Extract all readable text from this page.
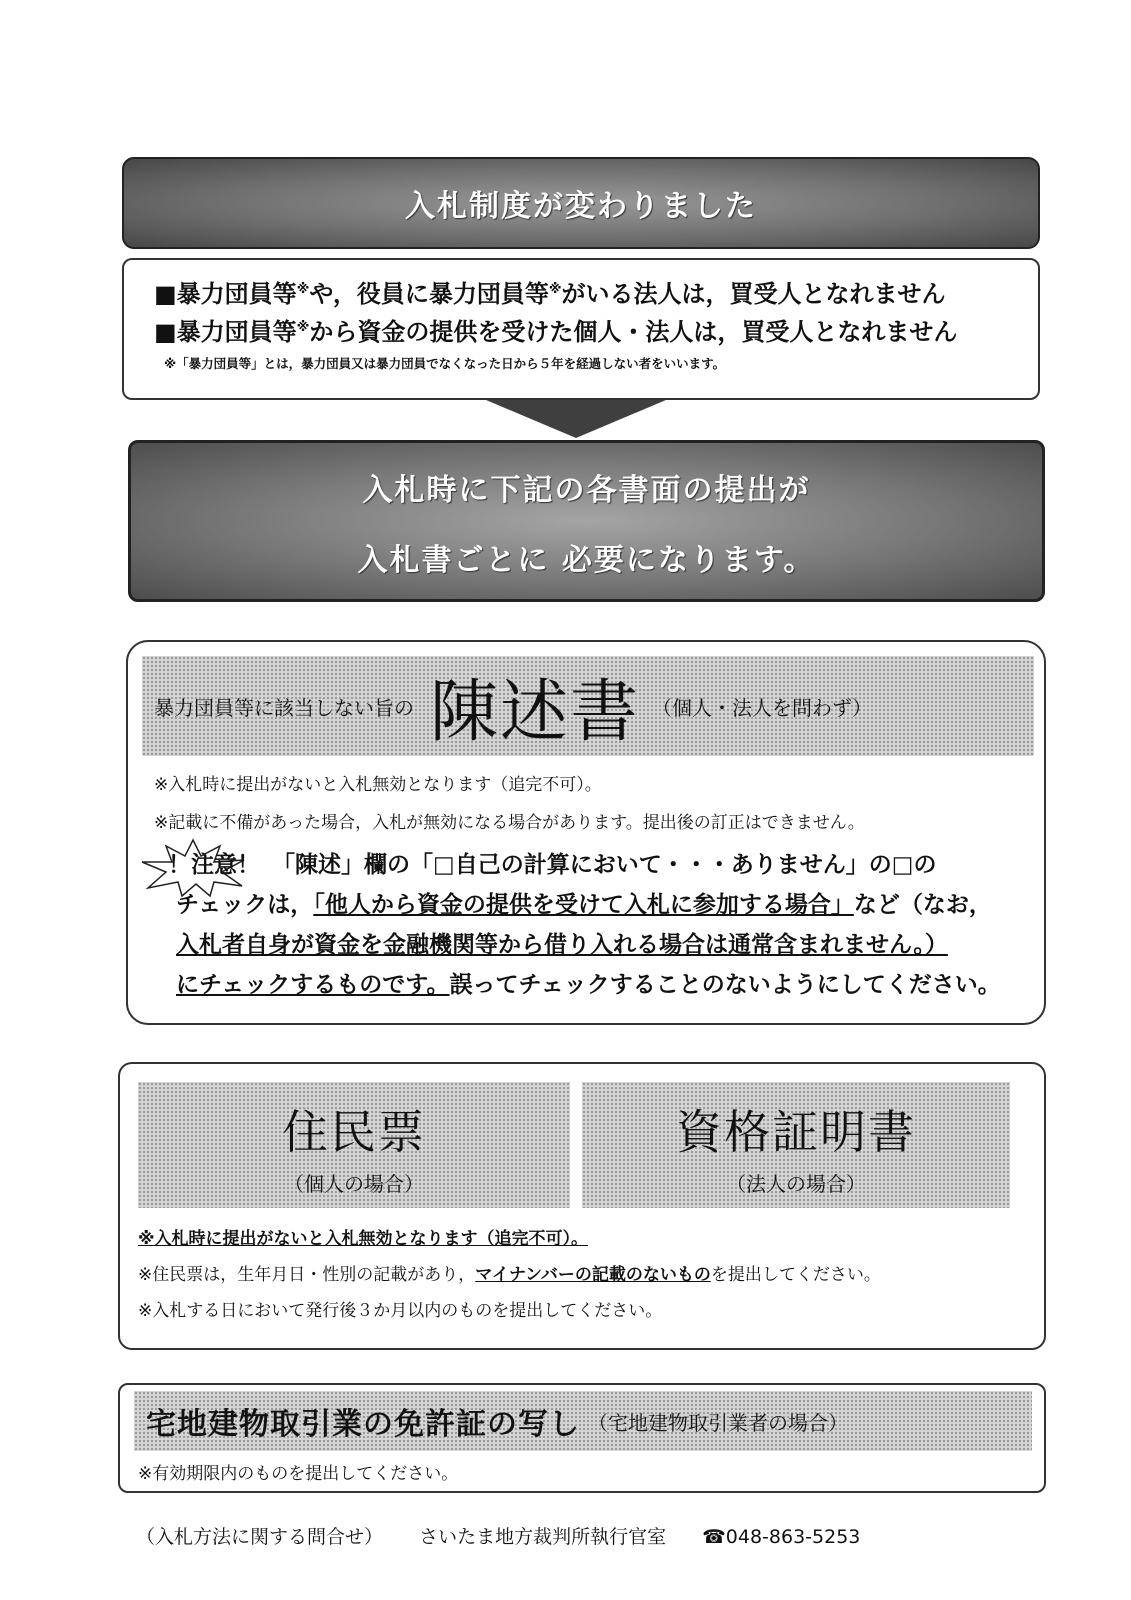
入札制度が変わりました
■暴力団員等※や，役員に暴力団員等※がいる法人は，買受人となれません
■暴力団員等※から資金の提供を受けた個人・法人は，買受人となれません
※「暴力団員等」とは，暴力団員又は暴力団員でなくなった日から５年を経過しない者をいいます。
入札時に下記の各書面の提出が
入札書ごとに 必要になります。
暴力団員等に該当しない旨の 陳述書 （個人・法人を問わず）
※入札時に提出がないと入札無効となります（追完不可）。
※記載に不備があった場合，入札が無効になる場合があります。提出後の訂正はできません。
！注意！ 「陳述」欄の「□自己の計算において・・・ありません」の□の
チェックは，「他人から資金の提供を受けて入札に参加する場合」など（なお，
入札者自身が資金を金融機関等から借り入れる場合は通常含まれません。）
にチェックするものです。誤ってチェックすることのないようにしてください。
住民票
（個人の場合）
資格証明書
（法人の場合）
※入札時に提出がないと入札無効となります（追完不可）。
※住民票は，生年月日・性別の記載があり，マイナンバーの記載のないものを提出してください。
※入札する日において発行後３か月以内のものを提出してください。
宅地建物取引業の免許証の写し （宅地建物取引業者の場合）
※有効期限内のものを提出してください。
（入札方法に関する問合せ） さいたま地方裁判所執行官室 ☎048-863-5253
